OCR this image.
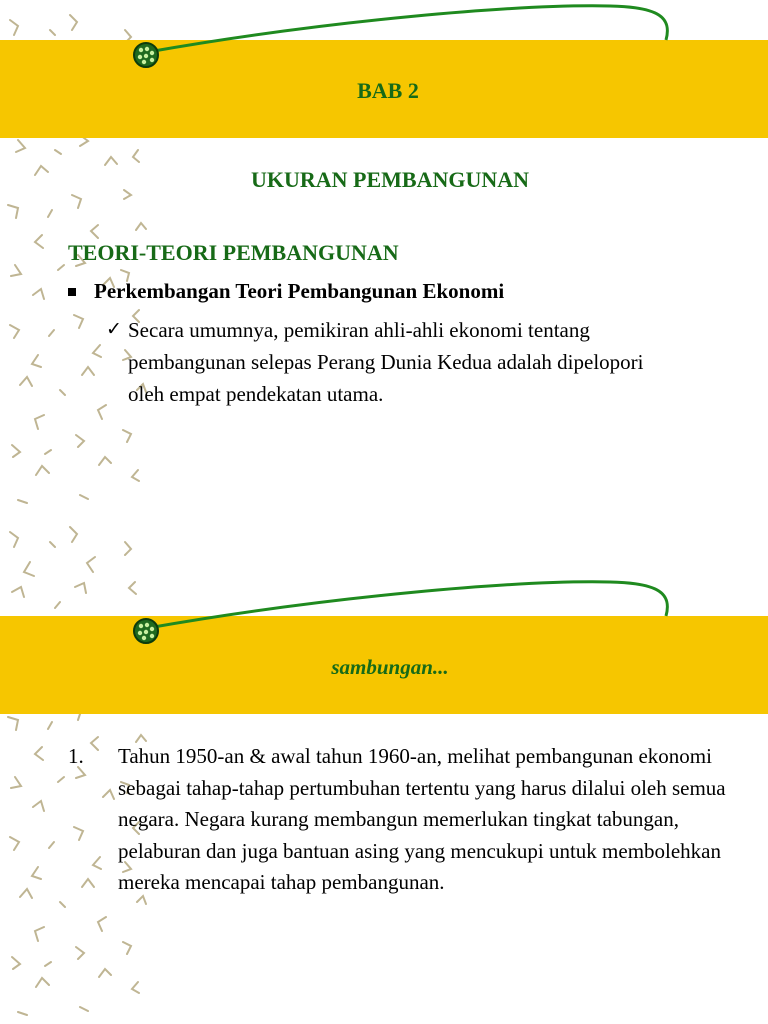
BAB 2
UKURAN PEMBANGUNAN
TEORI-TEORI PEMBANGUNAN
Perkembangan Teori Pembangunan Ekonomi
✓ Secara umumnya, pemikiran ahli-ahli ekonomi tentang pembangunan selepas Perang Dunia Kedua adalah dipelopori oleh empat pendekatan utama.
sambungan...
1.	Tahun 1950-an & awal tahun 1960-an, melihat pembangunan ekonomi sebagai tahap-tahap pertumbuhan tertentu yang harus dilalui oleh semua negara. Negara kurang membangun memerlukan tingkat tabungan, pelaburan dan juga bantuan asing yang mencukupi untuk membolehkan mereka mencapai tahap pembangunan.
